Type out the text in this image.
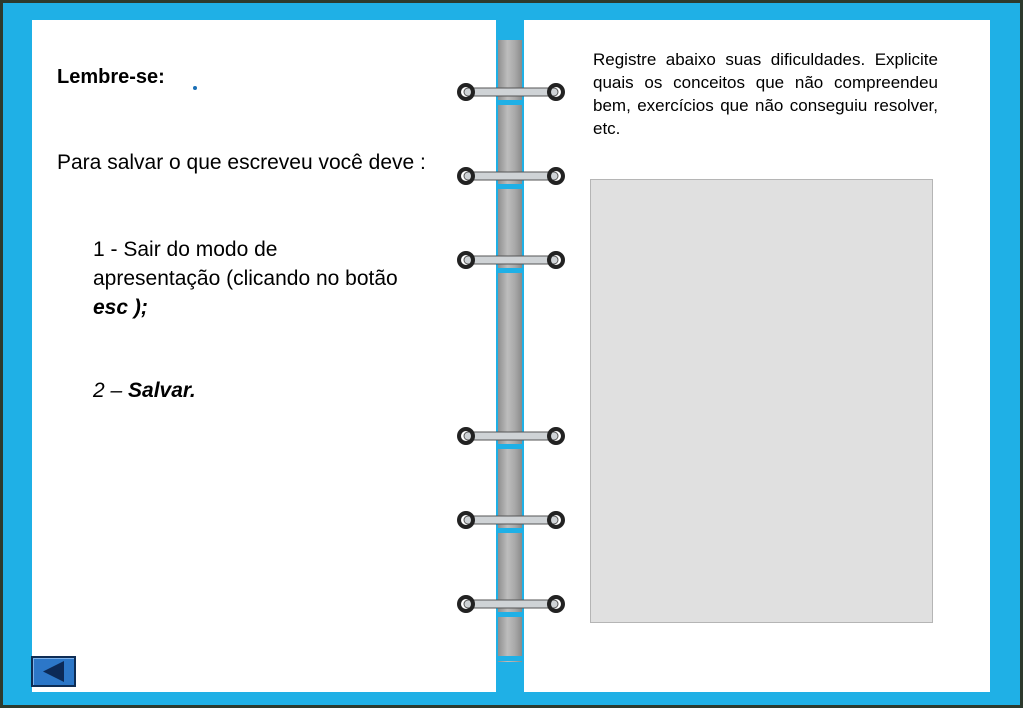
Lembre-se:
Para salvar o que escreveu você deve :
1 - Sair do modo de apresentação (clicando no botão esc );
2 – Salvar.
Registre abaixo suas dificuldades. Explicite quais os conceitos que não compreendeu bem, exercícios que não conseguiu resolver, etc.
